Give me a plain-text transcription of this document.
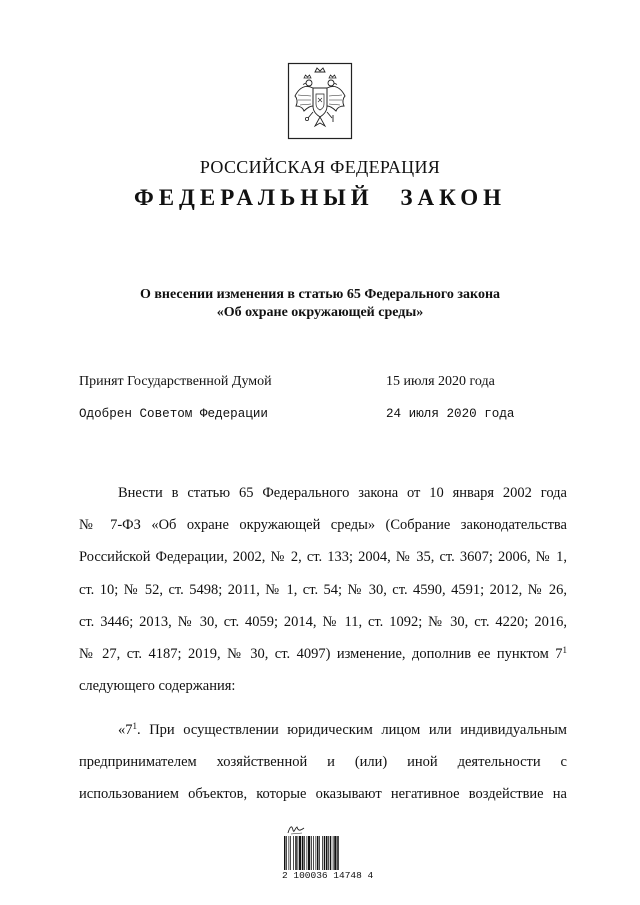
РОССИЙСКАЯ ФЕДЕРАЦИЯ
ФЕДЕРАЛЬНЫЙ ЗАКОН
О внесении изменения в статью 65 Федерального закона
«Об охране окружающей среды»
Принят Государственной Думой	15 июля 2020 года
Одобрен Советом Федерации	24 июля 2020 года
Внести в статью 65 Федерального закона от 10 января 2002 года
№ 7-ФЗ «Об охране окружающей среды» (Собрание законодательства
Российской Федерации, 2002, № 2, ст. 133; 2004, № 35, ст. 3607; 2006, № 1,
ст. 10; № 52, ст. 5498; 2011, № 1, ст. 54; № 30, ст. 4590, 4591; 2012, № 26,
ст. 3446; 2013, № 30, ст. 4059; 2014, № 11, ст. 1092; № 30, ст. 4220; 2016,
№ 27, ст. 4187; 2019, № 30, ст. 4097) изменение, дополнив ее пунктом $7^1$
следующего содержания:
«$7^1$. При осуществлении юридическим лицом или индивидуальным
предпринимателем хозяйственной и (или) иной деятельности с
использованием объектов, которые оказывают негативное воздействие на
2 100036 14748 4
